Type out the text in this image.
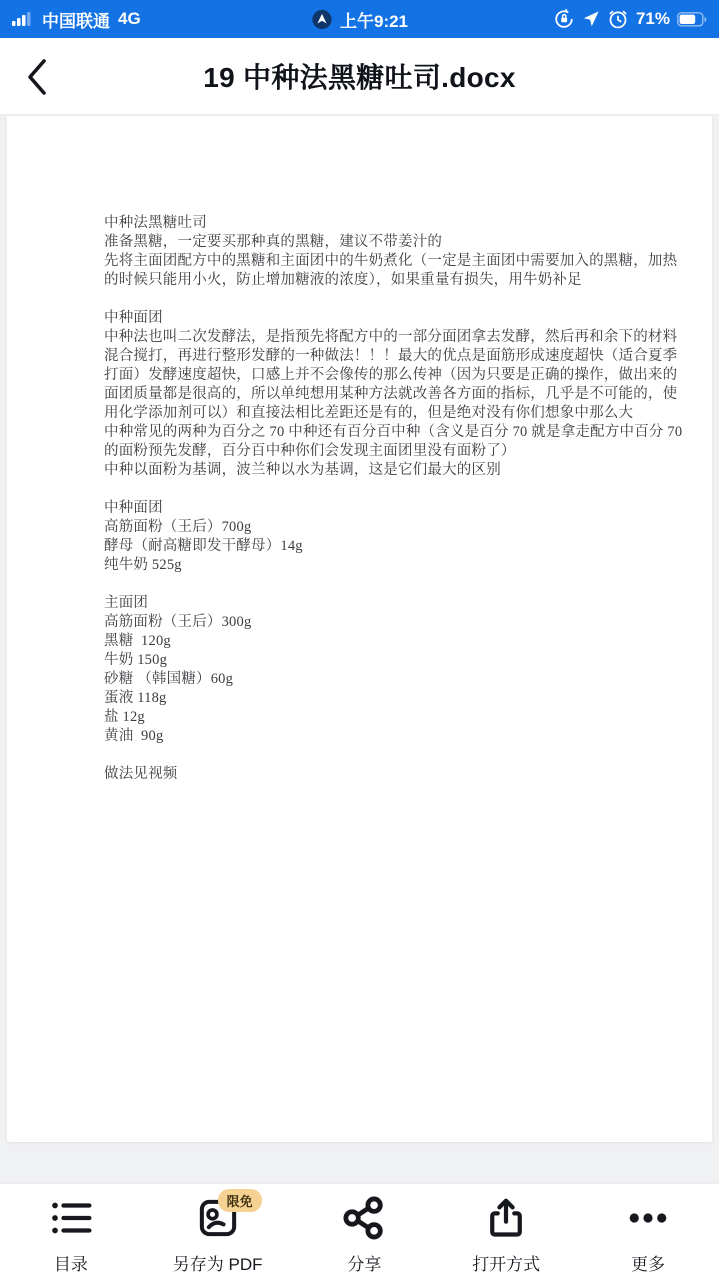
中国联通 4G	上午9:21	71%
19 中种法黑糖吐司.docx
中种法黑糖吐司
准备黑糖，一定要买那种真的黑糖，建议不带姜汁的
先将主面团配方中的黑糖和主面团中的牛奶煮化（一定是主面团中需要加入的黑糖，加热
的时候只能用小火，防止增加糖液的浓度），如果重量有损失，用牛奶补足
中种面团
中种法也叫二次发酵法，是指预先将配方中的一部分面团拿去发酵，然后再和余下的材料
混合搅打，再进行整形发酵的一种做法！！！最大的优点是面筋形成速度超快（适合夏季
打面）发酵速度超快，口感上并不会像传的那么传神（因为只要是正确的操作，做出来的
面团质量都是很高的，所以单纯想用某种方法就改善各方面的指标，几乎是不可能的，使
用化学添加剂可以）和直接法相比差距还是有的，但是绝对没有你们想象中那么大
中种常见的两种为百分之 70 中种还有百分百中种（含义是百分 70 就是拿走配方中百分 70
的面粉预先发酵，百分百中种你们会发现主面团里没有面粉了）
中种以面粉为基调，波兰种以水为基调，这是它们最大的区别
中种面团
高筋面粉（王后）700g
酵母（耐高糖即发干酵母）14g
纯牛奶 525g
主面团
高筋面粉（王后）300g
黑糖  120g
牛奶 150g
砂糖 （韩国糖）60g
蛋液 118g
盐 12g
黄油  90g
做法见视频
目录
限免
另存为 PDF	分享	打开方式	更多
